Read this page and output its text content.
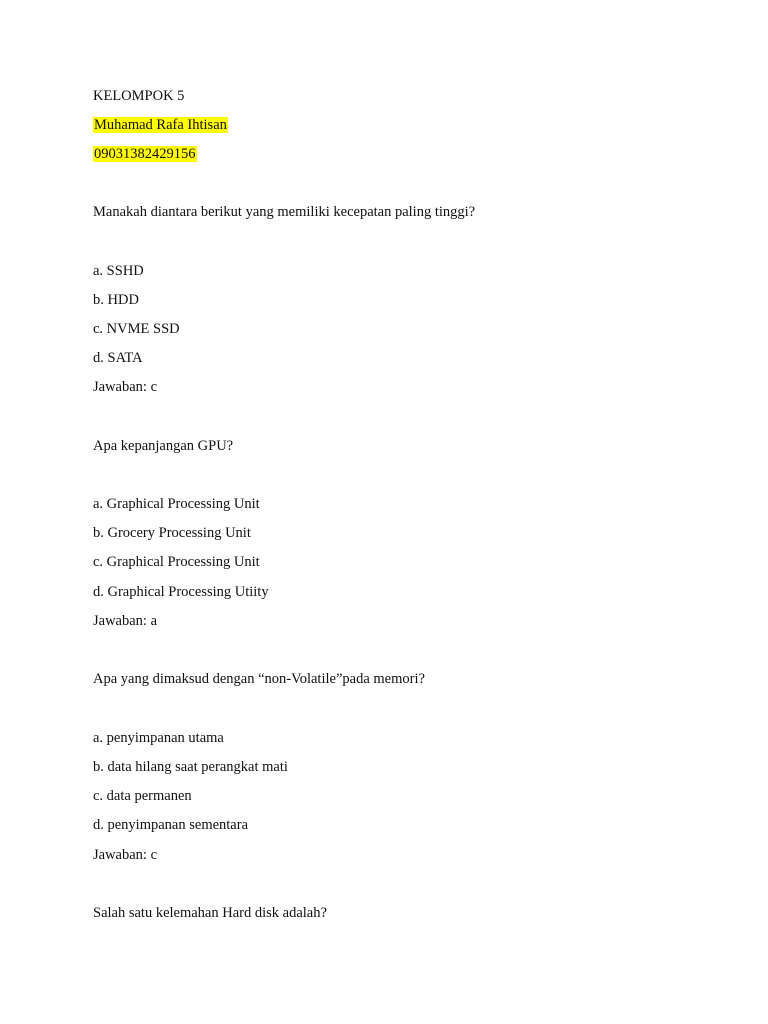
KELOMPOK 5
Muhamad Rafa Ihtisan
09031382429156
Manakah diantara berikut yang memiliki kecepatan paling tinggi?
a. SSHD
b. HDD
c. NVME SSD
d. SATA
Jawaban: c
Apa kepanjangan GPU?
a. Graphical Processing Unit
b. Grocery Processing Unit
c. Graphical Processing Unit
d. Graphical Processing Utiity
Jawaban: a
Apa yang dimaksud dengan “non-Volatile”pada memori?
a. penyimpanan utama
b. data hilang saat perangkat mati
c. data permanen
d. penyimpanan sementara
Jawaban: c
Salah satu kelemahan Hard disk adalah?
